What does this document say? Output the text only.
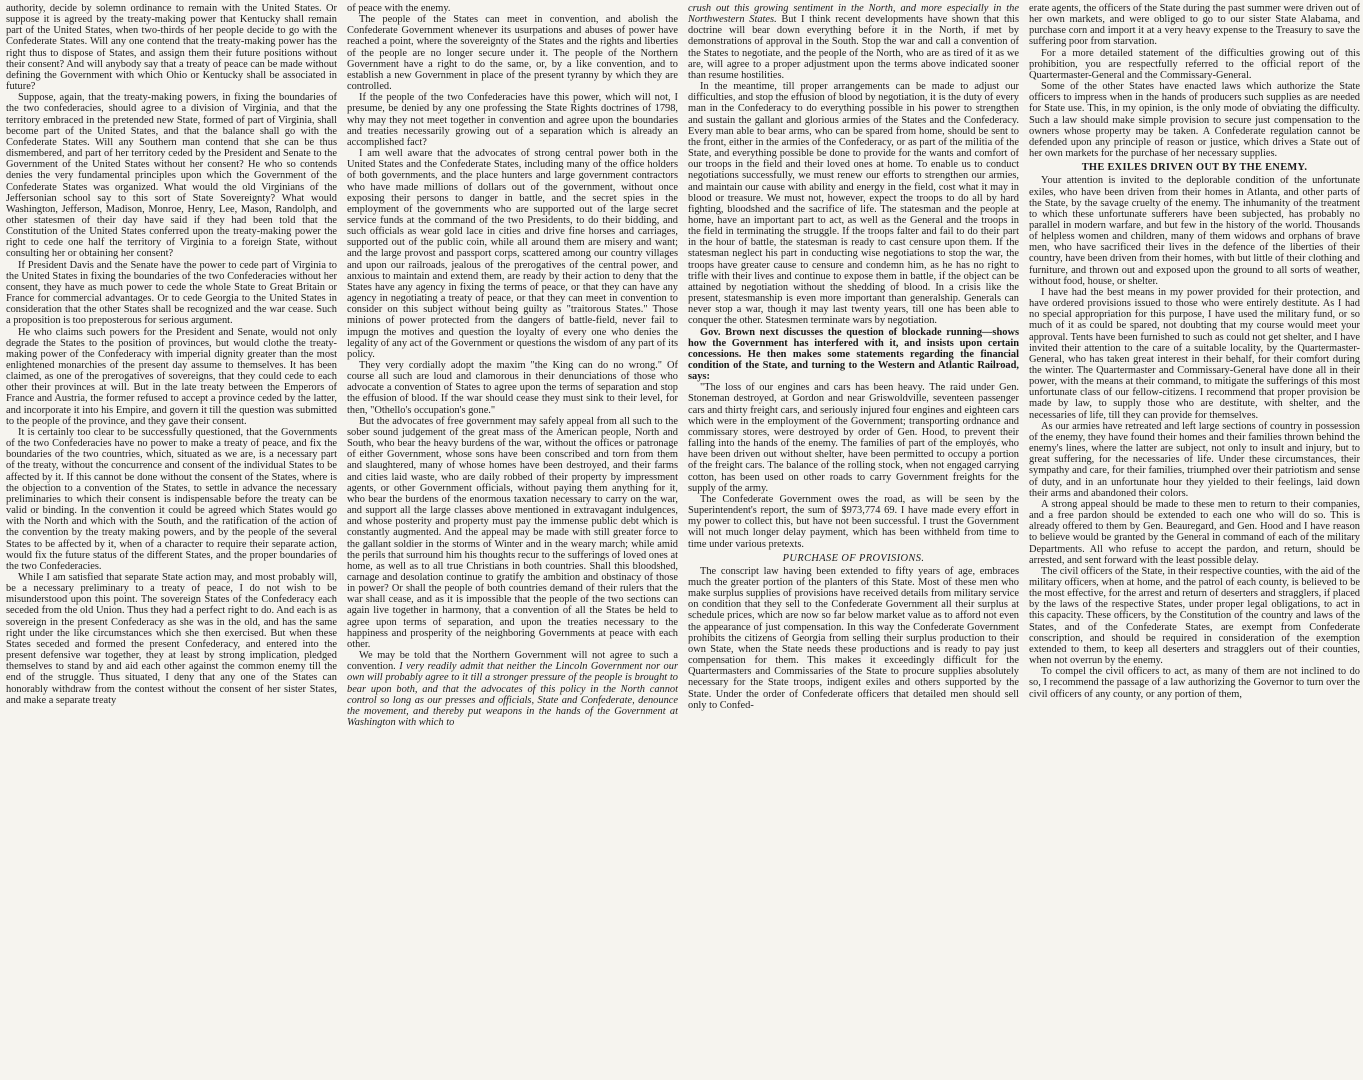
authority, decide by solemn ordinance to remain with the United States. Or suppose it is agreed by the treaty-making power that Kentucky shall remain part of the United States, when two-thirds of her people decide to go with the Confederate States. Will any one contend that the treaty-making power has the right thus to dispose of States, and assign them their future positions without their consent? And will anybody say that a treaty of peace can be made without defining the Government with which Ohio or Kentucky shall be associated in future?

Suppose, again, that the treaty-making powers, in fixing the boundaries of the two confederacies, should agree to a division of Virginia, and that the territory embraced in the pretended new State, formed of part of Virginia, shall become part of the United States, and that the balance shall go with the Confederate States. Will any Southern man contend that she can be thus dismembered, and part of her territory ceded by the President and Senate to the Government of the United States without her consent? He who so contends denies the very fundamental principles upon which the Government of the Confederate States was organized. What would the old Virginians of the Jeffersonian school say to this sort of State Sovereignty? What would Washington, Jefferson, Madison, Monroe, Henry, Lee, Mason, Randolph, and other statesmen of their day have said if they had been told that the Constitution of the United States conferred upon the treaty-making power the right to cede one half the territory of Virginia to a foreign State, without consulting her or obtaining her consent?

If President Davis and the Senate have the power to cede part of Virginia to the United States in fixing the boundaries of the two Confederacies without her consent, they have as much power to cede the whole State to Great Britain or France for commercial advantages. Or to cede Georgia to the United States in consideration that the other States shall be recognized and the war cease. Such a proposition is too preposterous for serious argument.

He who claims such powers for the President and Senate, would not only degrade the States to the position of provinces, but would clothe the treaty-making power of the Confederacy with imperial dignity greater than the most enlightened monarchies of the present day assume to themselves. It has been claimed, as one of the prerogatives of sovereigns, that they could cede to each other their provinces at will. But in the late treaty between the Emperors of France and Austria, the former refused to accept a province ceded by the latter, and incorporate it into his Empire, and govern it till the question was submitted to the people of the province, and they gave their consent.

It is certainly too clear to be successfully questioned, that the Governments of the two Confederacies have no power to make a treaty of peace, and fix the boundaries of the two countries, which, situated as we are, is a necessary part of the treaty, without the concurrence and consent of the individual States to be affected by it. If this cannot be done without the consent of the States, where is the objection to a convention of the States, to settle in advance the necessary preliminaries to which their consent is indispensable before the treaty can be valid or binding. In the convention it could be agreed which States would go with the North and which with the South, and the ratification of the action of the convention by the treaty making powers, and by the people of the several States to be affected by it, when of a character to require their separate action, would fix the future status of the different States, and the proper boundaries of the two Confederacies.

While I am satisfied that separate State action may, and most probably will, be a necessary preliminary to a treaty of peace, I do not wish to be misunderstood upon this point. The sovereign States of the Confederacy each seceded from the old Union. Thus they had a perfect right to do. And each is as sovereign in the present Confederacy as she was in the old, and has the same right under the like circumstances which she then exercised. But when these States seceded and formed the present Confederacy, and entered into the present defensive war together, they at least by strong implication, pledged themselves to stand by and aid each other against the common enemy till the end of the struggle. Thus situated, I deny that any one of the States can honorably withdraw from the contest without the consent of her sister States, and make a separate treaty

of peace with the enemy.

The people of the States can meet in convention, and abolish the Confederate Government whenever its usurpations and abuses of power have reached a point, where the sovereignty of the States and the rights and liberties of the people are no longer secure under it. The people of the Northern Government have a right to do the same, or, by a like convention, and to establish a new Government in place of the present tyranny by which they are controlled.

If the people of the two Confederacies have this power, which will not, I presume, be denied by any one professing the State Rights doctrines of 1798, why may they not meet together in convention and agree upon the boundaries and treaties necessarily growing out of a separation which is already an accomplished fact?

I am well aware that the advocates of strong central power both in the United States and the Confederate States, including many of the office holders of both governments, and the place hunters and large government contractors who have made millions of dollars out of the government, without once exposing their persons to danger in battle, and the secret spies in the employment of the governments who are supported out of the large secret service funds at the command of the two Presidents, to do their bidding, and such officials as wear gold lace in cities and drive fine horses and carriages, supported out of the public coin, while all around them are misery and want; and the large provost and passport corps, scattered among our country villages and upon our railroads, jealous of the prerogatives of the central power, and anxious to maintain and extend them, are ready by their action to deny that the States have any agency in fixing the terms of peace, or that they can have any agency in negotiating a treaty of peace, or that they can meet in convention to consider on this subject without being guilty as "traitorous States." Those minions of power protected from the dangers of battle-field, never fail to impugn the motives and question the loyalty of every one who denies the legality of any act of the Government or questions the wisdom of any part of its policy.

They very cordially adopt the maxim "the King can do no wrong." Of course all such are loud and clamorous in their denunciations of those who advocate a convention of States to agree upon the terms of separation and stop the effusion of blood. If the war should cease they must sink to their level, for then, "Othello's occupation's gone."

But the advocates of free government may safely appeal from all such to the sober sound judgement of the great mass of the American people, North and South, who bear the heavy burdens of the war, without the offices or patronage of either Government, whose sons have been conscribed and torn from them and slaughtered, many of whose homes have been destroyed, and their farms and cities laid waste, who are daily robbed of their property by impressment agents, or other Government officials, without paying them anything for it, who bear the burdens of the enormous taxation necessary to carry on the war, and support all the large classes above mentioned in extravagant indulgences, and whose posterity and property must pay the immense public debt which is constantly augmented. And the appeal may be made with still greater force to the gallant soldier in the storms of Winter and in the weary march; while amid the perils that surround him his thoughts recur to the sufferings of loved ones at home, as well as to all true Christians in both countries. Shall this bloodshed, carnage and desolation continue to gratify the ambition and obstinacy of those in power? Or shall the people of both countries demand of their rulers that the war shall cease, and as it is impossible that the people of the two sections can again live together in harmony, that a convention of all the States be held to agree upon terms of separation, and upon the treaties necessary to the happiness and prosperity of the neighboring Governments at peace with each other.

We may be told that the Northern Government will not agree to such a convention. I very readily admit that neither the Lincoln Government nor our own will probably agree to it till a stronger pressure of the people is brought to bear upon both, and that the advocates of this policy in the North cannot control so long as our presses and officials, State and Confederate, denounce the movement, and thereby put weapons in the hands of the Government at Washington with which to

crush out this growing sentiment in the North, and more especially in the Northwestern States. But I think recent developments have shown that this doctrine will bear down everything before it in the North, if met by demonstrations of approval in the South. Stop the war and call a convention of the States to negotiate, and the people of the North, who are as tired of it as we are, will agree to a proper adjustment upon the terms above indicated sooner than resume hostilities.

In the meantime, till proper arrangements can be made to adjust our difficulties, and stop the effusion of blood by negotiation, it is the duty of every man in the Confederacy to do everything possible in his power to strengthen and sustain the gallant and glorious armies of the States and the Confederacy. Every man able to bear arms, who can be spared from home, should be sent to the front, either in the armies of the Confederacy, or as part of the militia of the State, and everything possible be done to provide for the wants and comfort of our troops in the field and their loved ones at home. To enable us to conduct negotiations successfully, we must renew our efforts to strengthen our armies, and maintain our cause with ability and energy in the field, cost what it may in blood or treasure. We must not, however, expect the troops to do all by hard fighting, bloodshed and the sacrifice of life. The statesman and the people at home, have an important part to act, as well as the General and the troops in the field in terminating the struggle. If the troops falter and fail to do their part in the hour of battle, the statesman is ready to cast censure upon them. If the statesman neglect his part in conducting wise negotiations to stop the war, the troops have greater cause to censure and condemn him, as he has no right to trifle with their lives and continue to expose them in battle, if the object can be attained by negotiation without the shedding of blood. In a crisis like the present, statesmanship is even more important than generalship. Generals can never stop a war, though it may last twenty years, till one has been able to conquer the other. Statesmen terminate wars by negotiation.

Gov. Brown next discusses the question of blockade running—shows how the Government has interfered with it, and insists upon certain concessions. He then makes some statements regarding the financial condition of the State, and turning to the Western and Atlantic Railroad, says:

"The loss of our engines and cars has been heavy. The raid under Gen. Stoneman destroyed, at Gordon and near Griswoldville, seventeen passenger cars and thirty freight cars, and seriously injured four engines and eighteen cars which were in the employment of the Government; transporting ordnance and commissary stores, were destroyed by order of Gen. Hood, to prevent their falling into the hands of the enemy. The families of part of the employés, who have been driven out without shelter, have been permitted to occupy a portion of the freight cars. The balance of the rolling stock, when not engaged carrying cotton, has been used on other roads to carry Government freights for the supply of the army.

The Confederate Government owes the road, as will be seen by the Superintendent's report, the sum of $973,774 69. I have made every effort in my power to collect this, but have not been successful. I trust the Government will not much longer delay payment, which has been withheld from time to time under various pretexts.

PURCHASE OF PROVISIONS.

The conscript law having been extended to fifty years of age, embraces much the greater portion of the planters of this State. Most of these men who make surplus supplies of provisions have received details from military service on condition that they sell to the Confederate Government all their surplus at schedule prices, which are now so far below market value as to afford not even the appearance of just compensation. In this way the Confederate Government prohibits the citizens of Georgia from selling their surplus production to their own State, when the State needs these productions and is ready to pay just compensation for them. This makes it exceedingly difficult for the Quartermasters and Commissaries of the State to procure supplies absolutely necessary for the State troops, indigent exiles and others supported by the State. Under the order of Confederate officers that detailed men should sell only to Confed-

erate agents, the officers of the State during the past summer were driven out of her own markets, and were obliged to go to our sister State Alabama, and purchase corn and import it at a very heavy expense to the Treasury to save the suffering poor from starvation.

For a more detailed statement of the difficulties growing out of this prohibition, you are respectfully referred to the official report of the Quartermaster-General and the Commissary-General.

Some of the other States have enacted laws which authorize the State officers to impress when in the hands of producers such supplies as are needed for State use. This, in my opinion, is the only mode of obviating the difficulty. Such a law should make simple provision to secure just compensation to the owners whose property may be taken. A Confederate regulation cannot be defended upon any principle of reason or justice, which drives a State out of her own markets for the purchase of her necessary supplies.

THE EXILES DRIVEN OUT BY THE ENEMY.

Your attention is invited to the deplorable condition of the unfortunate exiles, who have been driven from their homes in Atlanta, and other parts of the State, by the savage cruelty of the enemy. The inhumanity of the treatment to which these unfortunate sufferers have been subjected, has probably no parallel in modern warfare, and but few in the history of the world. Thousands of helpless women and children, many of them widows and orphans of brave men, who have sacrificed their lives in the defence of the liberties of their country, have been driven from their homes, with but little of their clothing and furniture, and thrown out and exposed upon the ground to all sorts of weather, without food, house, or shelter.

I have had the best means in my power provided for their protection, and have ordered provisions issued to those who were entirely destitute. As I had no special appropriation for this purpose, I have used the military fund, or so much of it as could be spared, not doubting that my course would meet your approval. Tents have been furnished to such as could not get shelter, and I have invited their attention to the care of a suitable locality, by the Quartermaster-General, who has taken great interest in their behalf, for their comfort during the winter. The Quartermaster and Commissary-General have done all in their power, with the means at their command, to mitigate the sufferings of this most unfortunate class of our fellow-citizens. I recommend that proper provision be made by law, to supply those who are destitute, with shelter, and the necessaries of life, till they can provide for themselves.

As our armies have retreated and left large sections of country in possession of the enemy, they have found their homes and their families thrown behind the enemy's lines, where the latter are subject, not only to insult and injury, but to great suffering, for the necessaries of life. Under these circumstances, their sympathy and care, for their families, triumphed over their patriotism and sense of duty, and in an unfortunate hour they yielded to their feelings, laid down their arms and abandoned their colors.

A strong appeal should be made to these men to return to their companies, and a free pardon should be extended to each one who will do so. This is already offered to them by Gen. Beauregard, and Gen. Hood and I have reason to believe would be granted by the General in command of each of the military Departments. All who refuse to accept the pardon, and return, should be arrested, and sent forward with the least possible delay.

The civil officers of the State, in their respective counties, with the aid of the military officers, when at home, and the patrol of each county, is believed to be the most effective, for the arrest and return of deserters and stragglers, if placed by the laws of the respective States, under proper legal obligations, to act in this capacity. These officers, by the Constitution of the country and laws of the States, and of the Confederate States, are exempt from Confederate conscription, and should be required in consideration of the exemption extended to them, to keep all deserters and stragglers out of their counties, when not overrun by the enemy.

To compel the civil officers to act, as many of them are not inclined to do so, I recommend the passage of a law authorizing the Governor to turn over the civil officers of any county, or any portion of them,
